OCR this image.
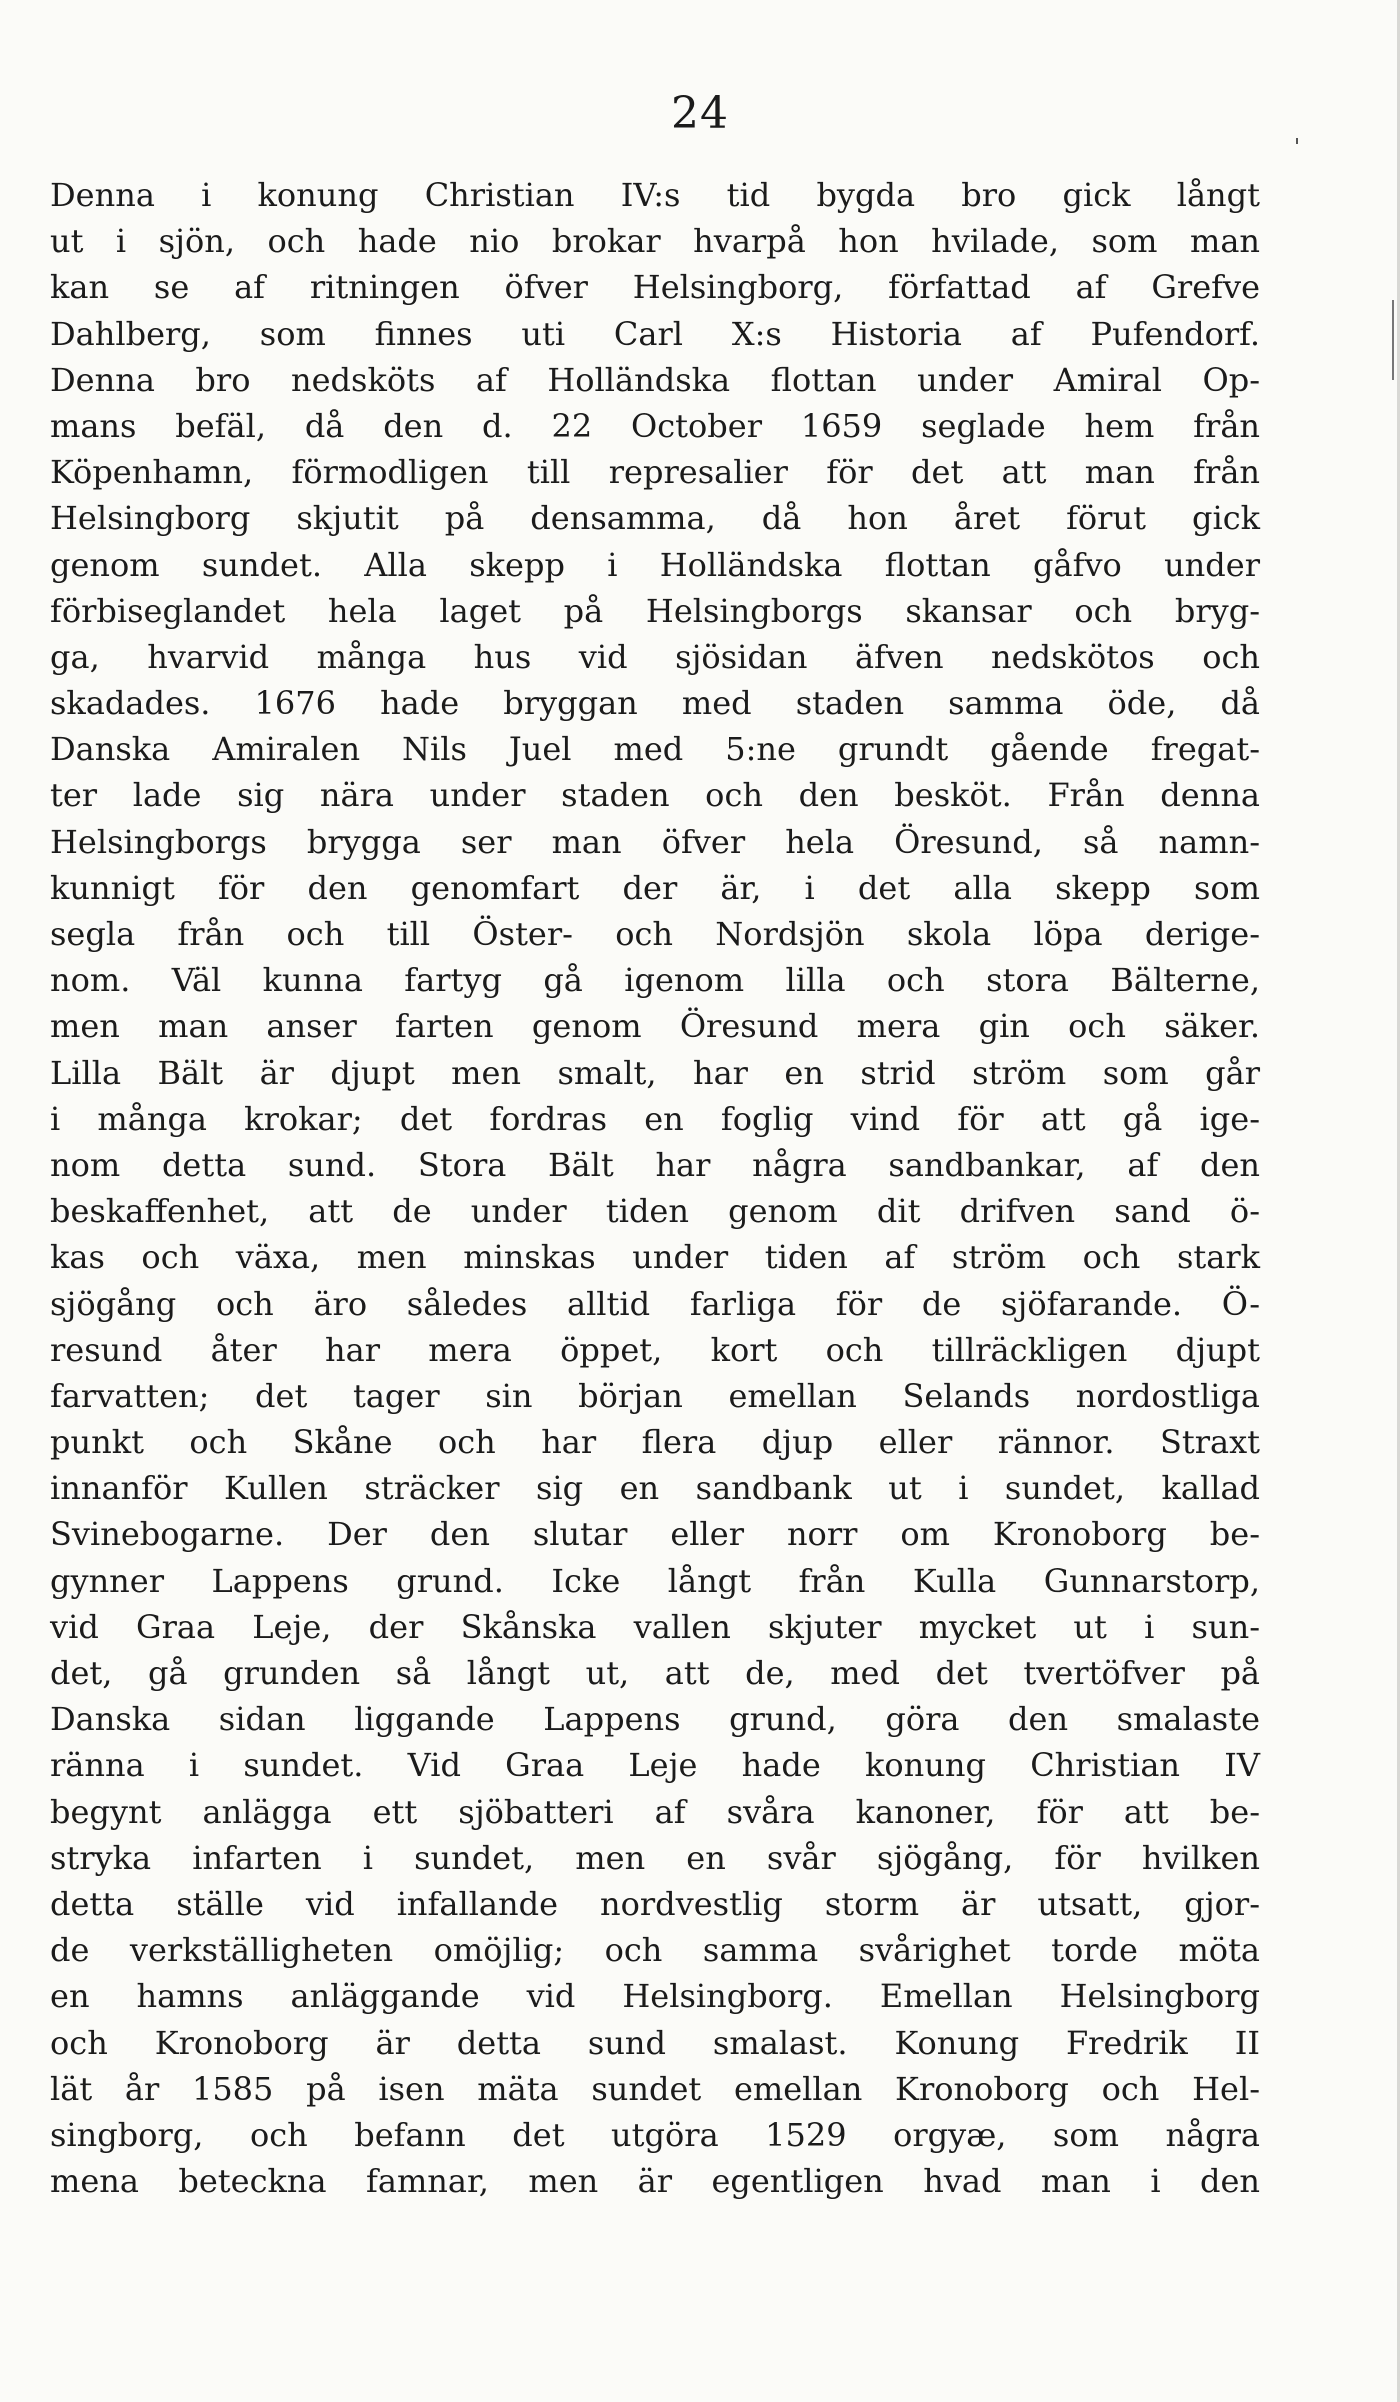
24
Denna i konung Christian IV:s tid bygda bro gick långt
ut i sjön, och hade nio brokar hvarpå hon hvilade, som man
kan se af ritningen öfver Helsingborg, författad af Grefve
Dahlberg, som finnes uti Carl X:s Historia af Pufendorf.
Denna bro nedsköts af Holländska flottan under Amiral Op-
mans befäl, då den d. 22 October 1659 seglade hem från
Köpenhamn, förmodligen till represalier för det att man från
Helsingborg skjutit på densamma, då hon året förut gick
genom sundet. Alla skepp i Holländska flottan gåfvo under
förbiseglandet hela laget på Helsingborgs skansar och bryg-
ga, hvarvid många hus vid sjösidan äfven nedskötos och
skadades. 1676 hade bryggan med staden samma öde, då
Danska Amiralen Nils Juel med 5:ne grundt gående fregat-
ter lade sig nära under staden och den besköt. Från denna
Helsingborgs brygga ser man öfver hela Öresund, så namn-
kunnigt för den genomfart der är, i det alla skepp som
segla från och till Öster- och Nordsjön skola löpa derige-
nom. Väl kunna fartyg gå igenom lilla och stora Bälterne,
men man anser farten genom Öresund mera gin och säker.
Lilla Bält är djupt men smalt, har en strid ström som går
i många krokar; det fordras en foglig vind för att gå ige-
nom detta sund. Stora Bält har några sandbankar, af den
beskaffenhet, att de under tiden genom dit drifven sand ö-
kas och växa, men minskas under tiden af ström och stark
sjögång och äro således alltid farliga för de sjöfarande. Ö-
resund åter har mera öppet, kort och tillräckligen djupt
farvatten; det tager sin början emellan Selands nordostliga
punkt och Skåne och har flera djup eller rännor. Straxt
innanför Kullen sträcker sig en sandbank ut i sundet, kallad
Svinebogarne. Der den slutar eller norr om Kronoborg be-
gynner Lappens grund. Icke långt från Kulla Gunnarstorp,
vid Graa Leje, der Skånska vallen skjuter mycket ut i sun-
det, gå grunden så långt ut, att de, med det tvertöfver på
Danska sidan liggande Lappens grund, göra den smalaste
ränna i sundet. Vid Graa Leje hade konung Christian IV
begynt anlägga ett sjöbatteri af svåra kanoner, för att be-
stryka infarten i sundet, men en svår sjögång, för hvilken
detta ställe vid infallande nordvestlig storm är utsatt, gjor-
de verkställigheten omöjlig; och samma svårighet torde möta
en hamns anläggande vid Helsingborg. Emellan Helsingborg
och Kronoborg är detta sund smalast. Konung Fredrik II
lät år 1585 på isen mäta sundet emellan Kronoborg och Hel-
singborg, och befann det utgöra 1529 orgyæ, som några
mena beteckna famnar, men är egentligen hvad man i den
